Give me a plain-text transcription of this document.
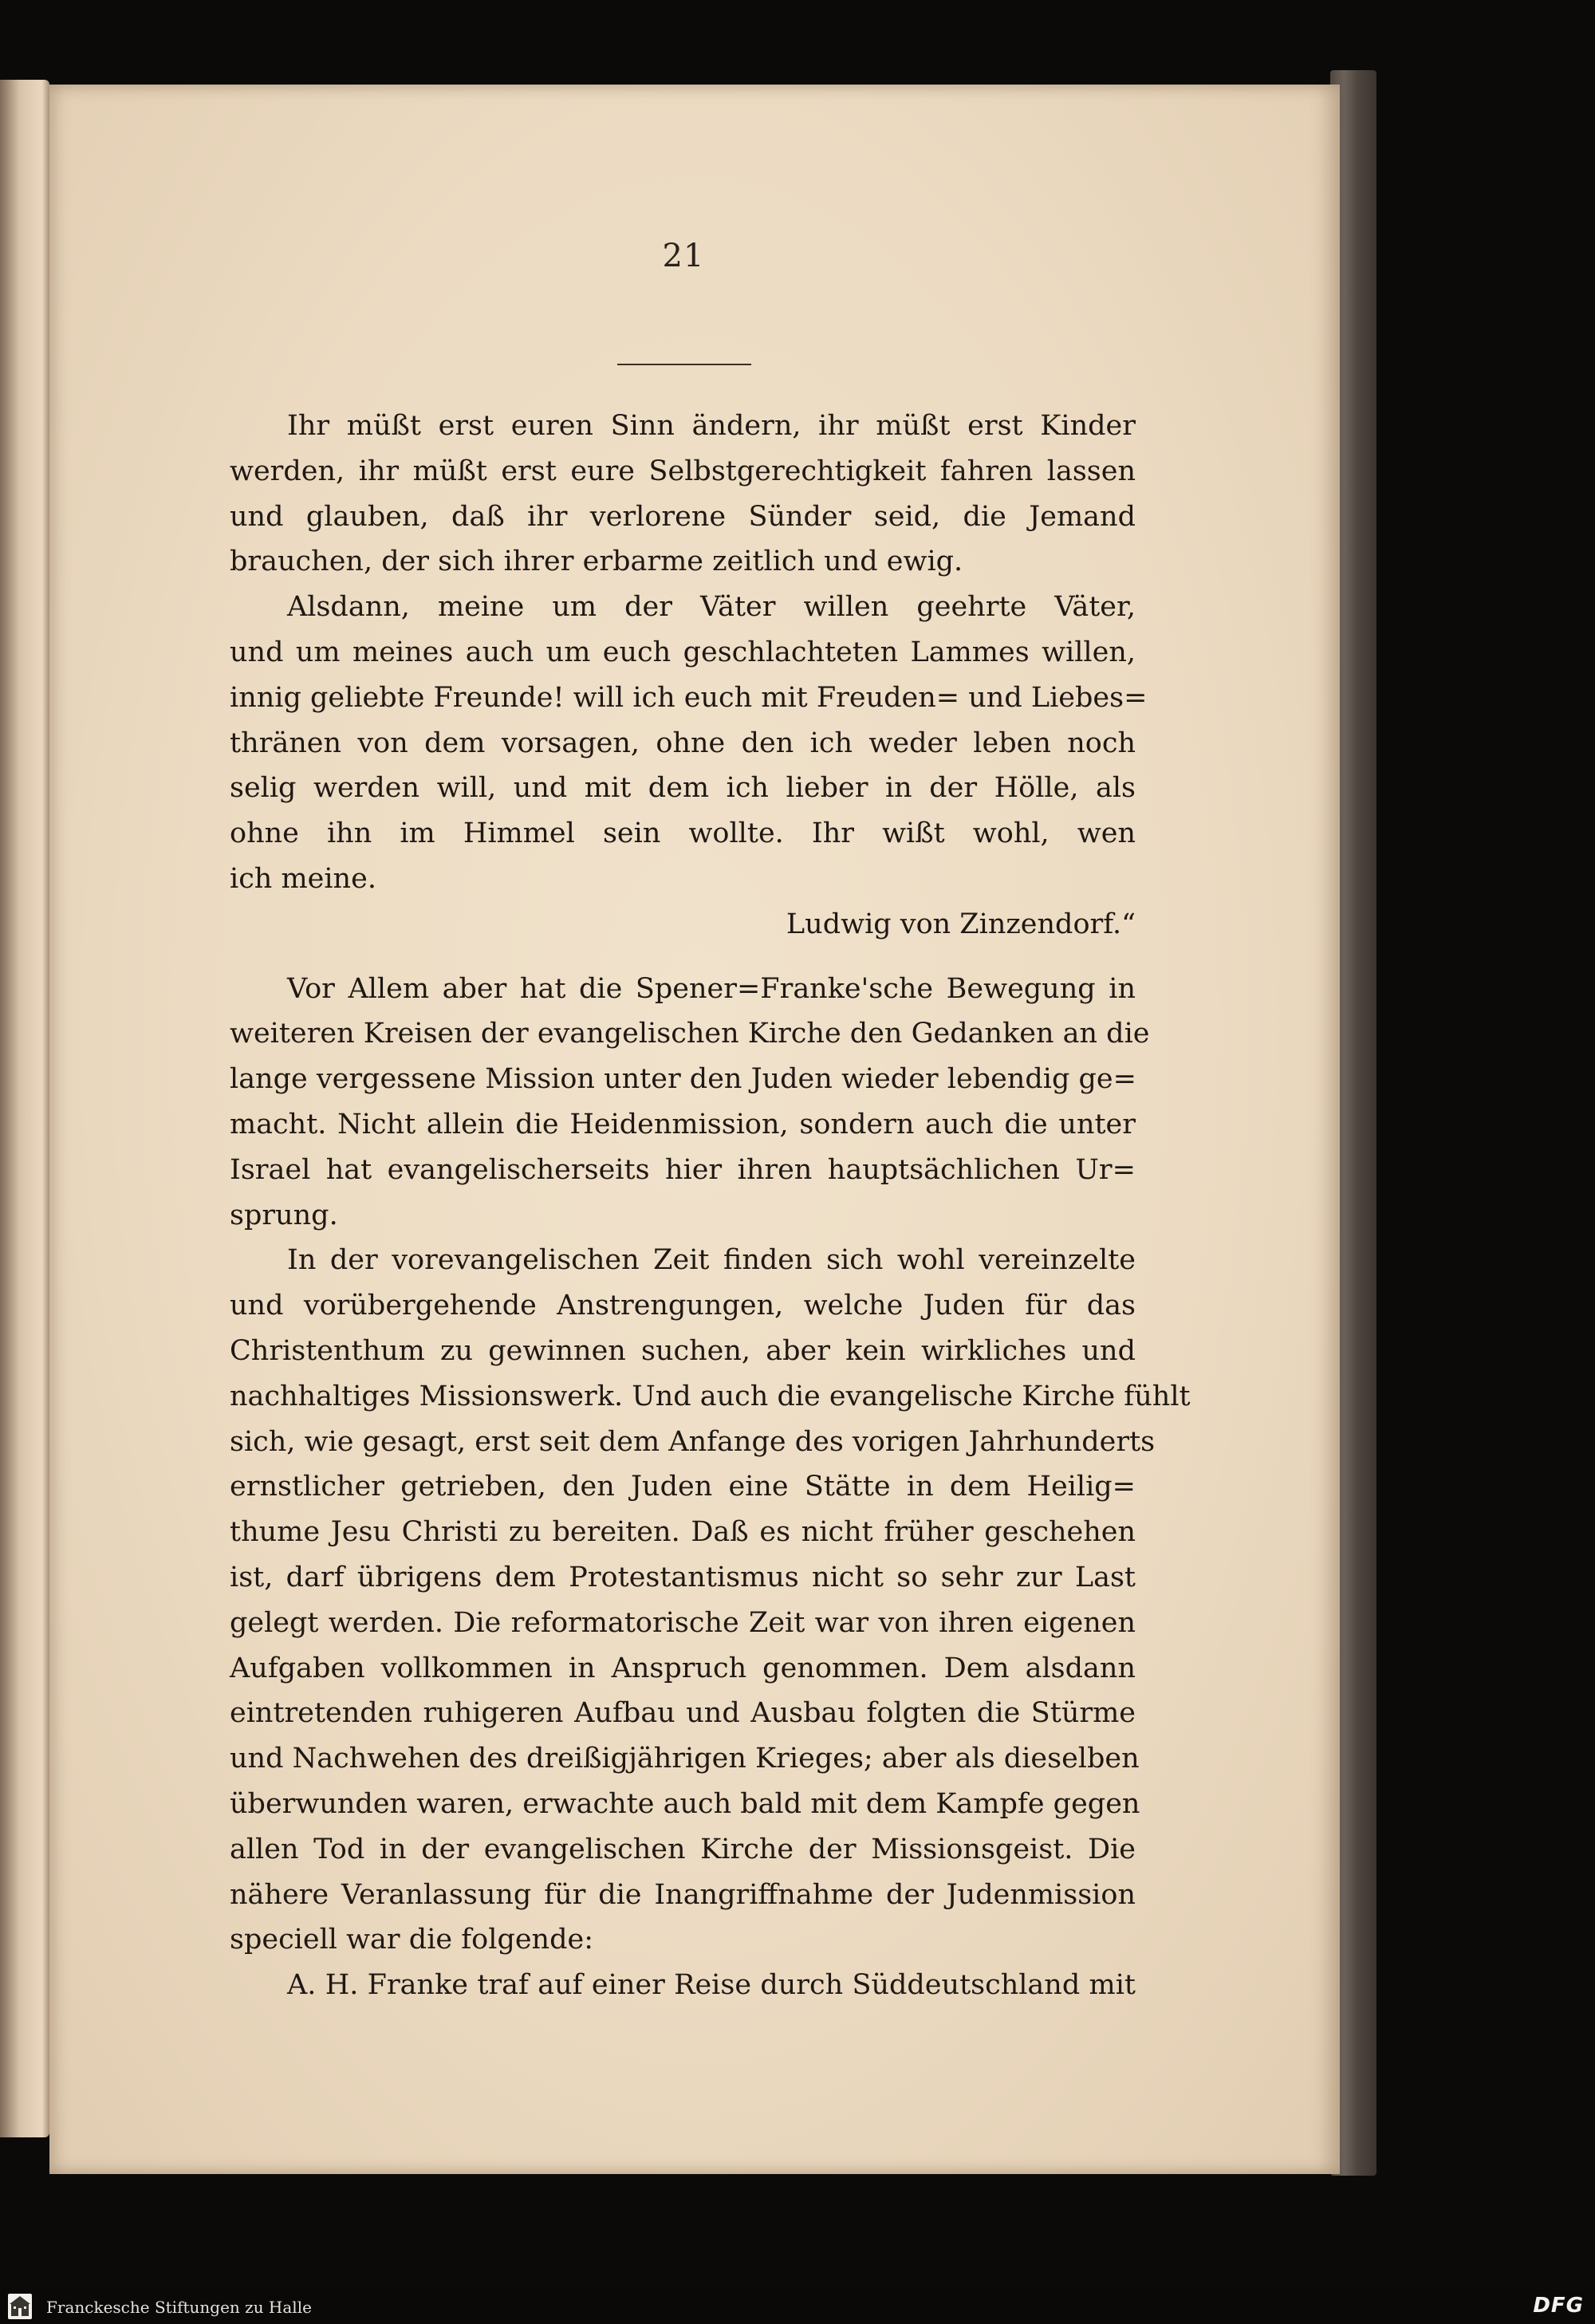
21
Ihr müßt erst euren Sinn ändern, ihr müßt erst Kinder
werden, ihr müßt erst eure Selbstgerechtigkeit fahren lassen
und glauben, daß ihr verlorene Sünder seid, die Jemand
brauchen, der sich ihrer erbarme zeitlich und ewig.
Alsdann, meine um der Väter willen geehrte Väter,
und um meines auch um euch geschlachteten Lammes willen,
innig geliebte Freunde! will ich euch mit Freuden= und Liebes=
thränen von dem vorsagen, ohne den ich weder leben noch
selig werden will, und mit dem ich lieber in der Hölle, als
ohne ihn im Himmel sein wollte. Ihr wißt wohl, wen
ich meine.
Ludwig von Zinzendorf.“
Vor Allem aber hat die Spener=Franke'sche Bewegung in
weiteren Kreisen der evangelischen Kirche den Gedanken an die
lange vergessene Mission unter den Juden wieder lebendig ge=
macht. Nicht allein die Heidenmission, sondern auch die unter
Israel hat evangelischerseits hier ihren hauptsächlichen Ur=
sprung.
In der vorevangelischen Zeit finden sich wohl vereinzelte
und vorübergehende Anstrengungen, welche Juden für das
Christenthum zu gewinnen suchen, aber kein wirkliches und
nachhaltiges Missionswerk. Und auch die evangelische Kirche fühlt
sich, wie gesagt, erst seit dem Anfange des vorigen Jahrhunderts
ernstlicher getrieben, den Juden eine Stätte in dem Heilig=
thume Jesu Christi zu bereiten. Daß es nicht früher geschehen
ist, darf übrigens dem Protestantismus nicht so sehr zur Last
gelegt werden. Die reformatorische Zeit war von ihren eigenen
Aufgaben vollkommen in Anspruch genommen. Dem alsdann
eintretenden ruhigeren Aufbau und Ausbau folgten die Stürme
und Nachwehen des dreißigjährigen Krieges; aber als dieselben
überwunden waren, erwachte auch bald mit dem Kampfe gegen
allen Tod in der evangelischen Kirche der Missionsgeist. Die
nähere Veranlassung für die Inangriffnahme der Judenmission
speciell war die folgende:
A. H. Franke traf auf einer Reise durch Süddeutschland mit
Franckesche Stiftungen zu Halle	DFG
